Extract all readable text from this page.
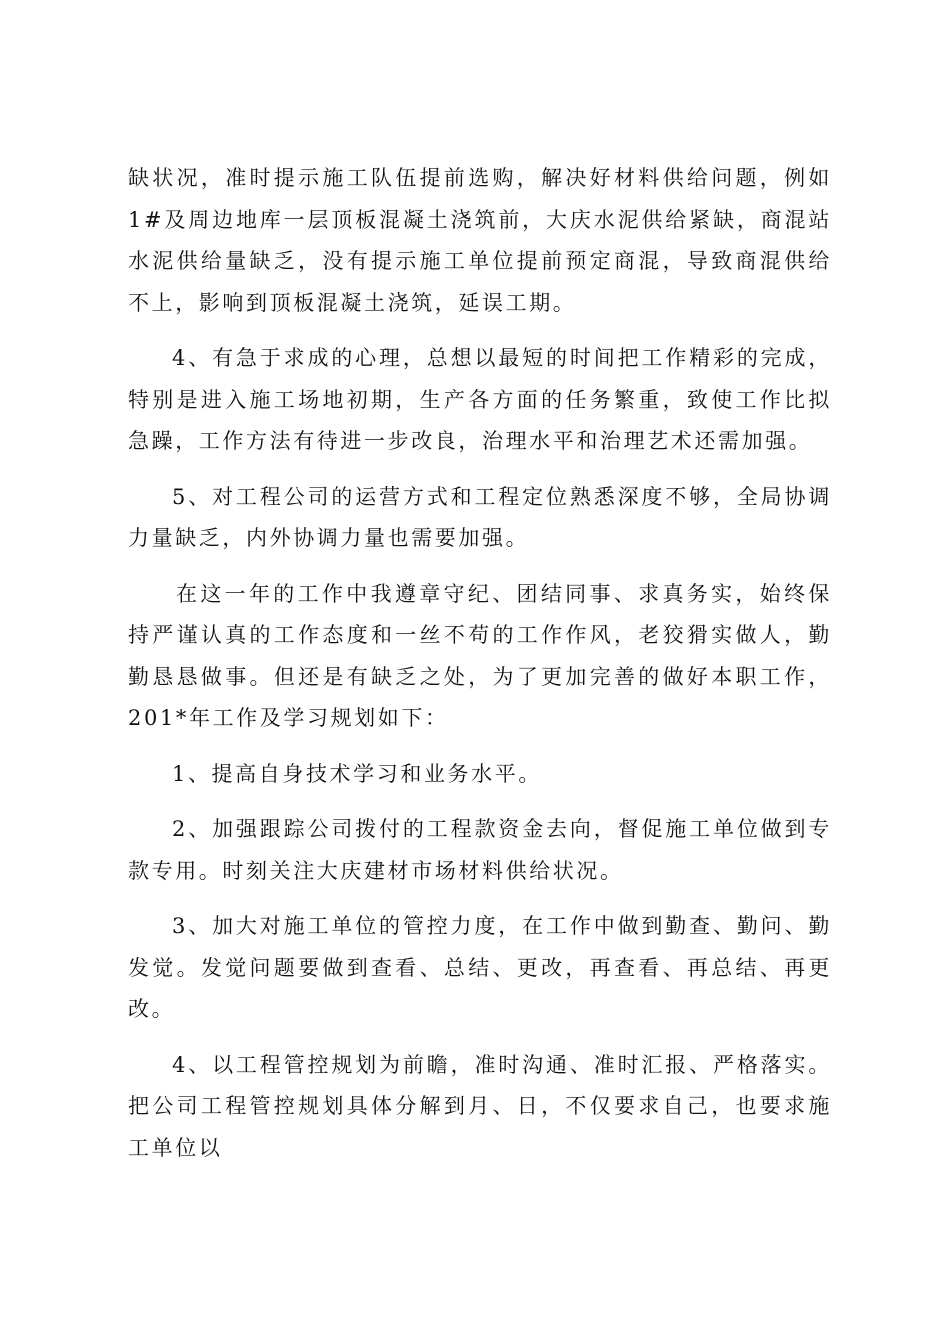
缺状况，准时提示施工队伍提前选购，解决好材料供给问题，例如 1#及周边地库一层顶板混凝土浇筑前，大庆水泥供给紧缺，商混站水泥供给量缺乏，没有提示施工单位提前预定商混，导致商混供给不上，影响到顶板混凝土浇筑，延误工期。

4、有急于求成的心理，总想以最短的时间把工作精彩的完成，特别是进入施工场地初期，生产各方面的任务繁重，致使工作比拟急躁，工作方法有待进一步改良，治理水平和治理艺术还需加强。

5、对工程公司的运营方式和工程定位熟悉深度不够，全局协调力量缺乏，内外协调力量也需要加强。

在这一年的工作中我遵章守纪、团结同事、求真务实，始终保持严谨认真的工作态度和一丝不苟的工作作风，老狡猾实做人，勤勤恳恳做事。但还是有缺乏之处，为了更加完善的做好本职工作，201*年工作及学习规划如下：

1、提高自身技术学习和业务水平。

2、加强跟踪公司拨付的工程款资金去向，督促施工单位做到专款专用。时刻关注大庆建材市场材料供给状况。

3、加大对施工单位的管控力度，在工作中做到勤查、勤问、勤发觉。发觉问题要做到查看、总结、更改，再查看、再总结、再更改。

4、以工程管控规划为前瞻，准时沟通、准时汇报、严格落实。把公司工程管控规划具体分解到月、日，不仅要求自己，也要求施工单位以
